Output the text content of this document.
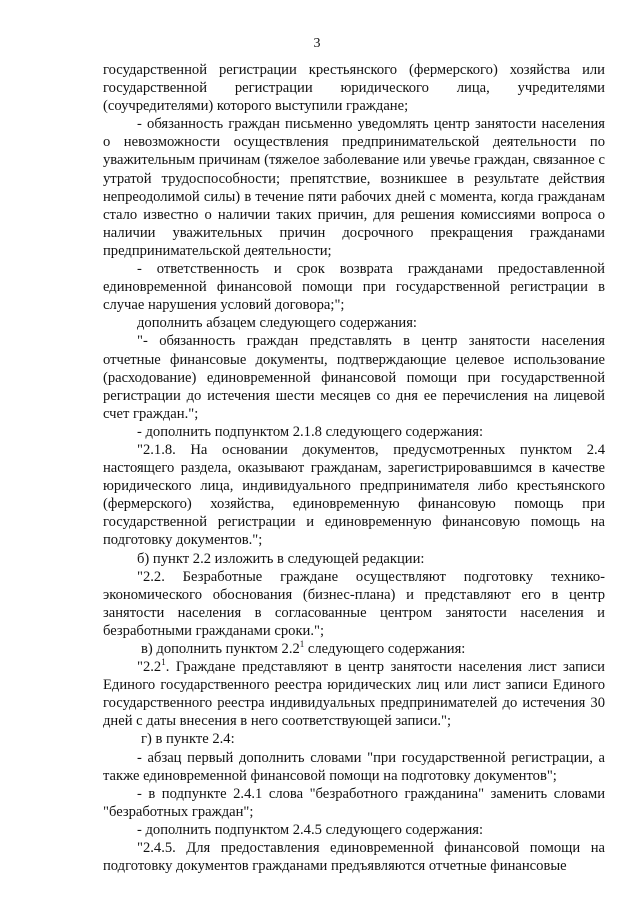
3

государственной регистрации крестьянского (фермерского) хозяйства или государственной регистрации юридического лица, учредителями (соучредителями) которого выступили граждане;

- обязанность граждан письменно уведомлять центр занятости населения о невозможности осуществления предпринимательской деятельности по уважительным причинам (тяжелое заболевание или увечье граждан, связанное с утратой трудоспособности; препятствие, возникшее в результате действия непреодолимой силы) в течение пяти рабочих дней с момента, когда гражданам стало известно о наличии таких причин, для решения комиссиями вопроса о наличии уважительных причин досрочного прекращения гражданами предпринимательской деятельности;

- ответственность и срок возврата гражданами предоставленной единовременной финансовой помощи при государственной регистрации в случае нарушения условий договора;";

дополнить абзацем следующего содержания:

"- обязанность граждан представлять в центр занятости населения отчетные финансовые документы, подтверждающие целевое использование (расходование) единовременной финансовой помощи при государственной регистрации до истечения шести месяцев со дня ее перечисления на лицевой счет граждан.";

- дополнить подпунктом 2.1.8 следующего содержания:

"2.1.8. На основании документов, предусмотренных пунктом 2.4 настоящего раздела, оказывают гражданам, зарегистрировавшимся в качестве юридического лица, индивидуального предпринимателя либо крестьянского (фермерского) хозяйства, единовременную финансовую помощь при государственной регистрации и единовременную финансовую помощь на подготовку документов.";

б) пункт 2.2 изложить в следующей редакции:

"2.2. Безработные граждане осуществляют подготовку технико-экономического обоснования (бизнес-плана) и представляют его в центр занятости населения в согласованные центром занятости населения и безработными гражданами сроки.";

в) дополнить пунктом $2.2^1$ следующего содержания:

"$2.2^1$. Граждане представляют в центр занятости населения лист записи Единого государственного реестра юридических лиц или лист записи Единого государственного реестра индивидуальных предпринимателей до истечения 30 дней с даты внесения в него соответствующей записи.";

г) в пункте 2.4:

- абзац первый дополнить словами "при государственной регистрации, а также единовременной финансовой помощи на подготовку документов";

- в подпункте 2.4.1 слова "безработного гражданина" заменить словами "безработных граждан";

- дополнить подпунктом 2.4.5 следующего содержания:

"2.4.5. Для предоставления единовременной финансовой помощи на подготовку документов гражданами предъявляются отчетные финансовые
